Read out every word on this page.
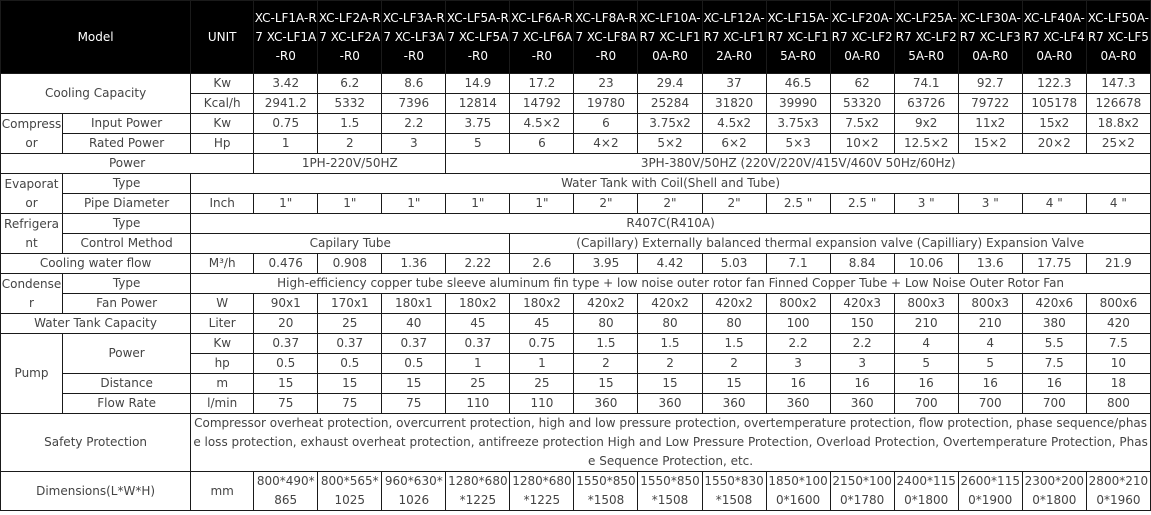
Model		UNIT	XC-LF1A-R7 XC-LF1A-R0	XC-LF2A-R7 XC-LF2A-R0	XC-LF3A-R7 XC-LF3A-R0	XC-LF5A-R7 XC-LF5A-R0	XC-LF6A-R7 XC-LF6A-R0	XC-LF8A-R7 XC-LF8A-R0	XC-LF10A-R7 XC-LF10A-R0	XC-LF12A-R7 XC-LF12A-R0	XC-LF15A-R7 XC-LF15A-R0	XC-LF20A-R7 XC-LF20A-R0	XC-LF25A-R7 XC-LF25A-R0	XC-LF30A-R7 XC-LF30A-R0	XC-LF40A-R7 XC-LF40A-R0	XC-LF50A-R7 XC-LF50A-R0
Cooling Capacity		Kw	3.42	6.2	8.6	14.9	17.2	23	29.4	37	46.5	62	74.1	92.7	122.3	147.3
		Kcal/h	2941.2	5332	7396	12814	14792	19780	25284	31820	39990	53320	63726	79722	105178	126678
Compressor	Input Power	Kw	0.75	1.5	2.2	3.75	4.5×2	6	3.75x2	4.5x2	3.75x3	7.5x2	9x2	11x2	15x2	18.8x2
	Rated Power	Hp	1	2	3	5	6	4×2	5×2	6×2	5×3	10×2	12.5×2	15×2	20×2	25×2
Power			1PH-220V/50HZ			3PH-380V/50HZ (220V/220V/415V/460V 50Hz/60Hz)										
Evaporator	Type	Water Tank with Coil(Shell and Tube)														
	Pipe Diameter	Inch	1"	1"	1"	1"	1"	2"	2"	2"	2.5 "	2.5 "	3 "	3 "	4 "	4 "
Refrigerant	Type	R407C(R410A)														
	Control Method	Capilary Tube					(Capillary) Externally balanced thermal expansion valve (Capilliary) Expansion Valve									
Cooling water flow		M³/h	0.476	0.908	1.36	2.22	2.6	3.95	4.42	5.03	7.1	8.84	10.06	13.6	17.75	21.9
Condenser	Type	High-efficiency copper tube sleeve aluminum fin type + low noise outer rotor fan Finned Copper Tube + Low Noise Outer Rotor Fan														
	Fan Power	W	90x1	170x1	180x1	180x2	180x2	420x2	420x2	420x2	800x2	420x3	800x3	800x3	420x6	800x6
Water Tank Capacity		Liter	20	25	40	45	45	80	80	80	100	150	210	210	380	420
Pump	Power	Kw	0.37	0.37	0.37	0.37	0.75	1.5	1.5	1.5	2.2	2.2	4	4	5.5	7.5
		hp	0.5	0.5	0.5	1	1	2	2	2	3	3	5	5	7.5	10
	Distance	m	15	15	15	25	25	15	15	15	16	16	16	16	16	18
	Flow Rate	l/min	75	75	75	110	110	360	360	360	360	360	700	700	700	800
Safety Protection		Compressor overheat protection, overcurrent protection, high and low pressure protection, overtemperature protection, flow protection, phase sequence/phase loss protection, exhaust overheat protection, antifreeze protection High and Low Pressure Protection, Overload Protection, Overtemperature Protection, Phase Sequence Protection, etc.														
Dimensions(L*W*H)		mm	800*490*865	800*565*1025	960*630*1026	1280*680*1225	1280*680*1225	1550*850*1508	1550*850*1508	1550*830*1508	1850*1000*1600	2150*1000*1780	2400*1150*1800	2600*1150*1900	2300*2000*1800	2800*2100*1960
